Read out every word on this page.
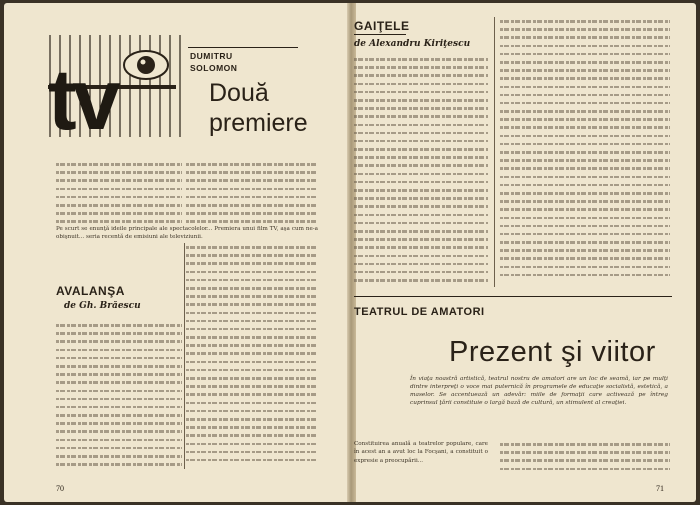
tv	DUMITRU
SOLOMON
Două
premiere
Pe scurt se enunţă ideile principale ale spectacolelor... Premiera unui film TV, aşa cum ne-a obişnuit... seria recentă de emisiuni ale televiziunii.
AVALANŞA
de Gh. Brăescu
70
GAIŢELE
de Alexandru Kiriţescu
TEATRUL DE AMATORI
Prezent şi viitor
În viaţa noastră artistică, teatrul nostru de amatori are un loc de seamă, iar pe mulţi dintre interpreţi o voce mai puternică în programele de educaţie socialistă, estetică, a maselor. Se accentuează un adevăr: miile de formaţii care activează pe întreg cuprinsul ţării constituie o largă bază de cultură, un stimulent al creaţiei.
Constituirea anuală a teatrelor populare, care în acest an a avut loc la Focşani, a constituit o expresie a preocupării...
71
